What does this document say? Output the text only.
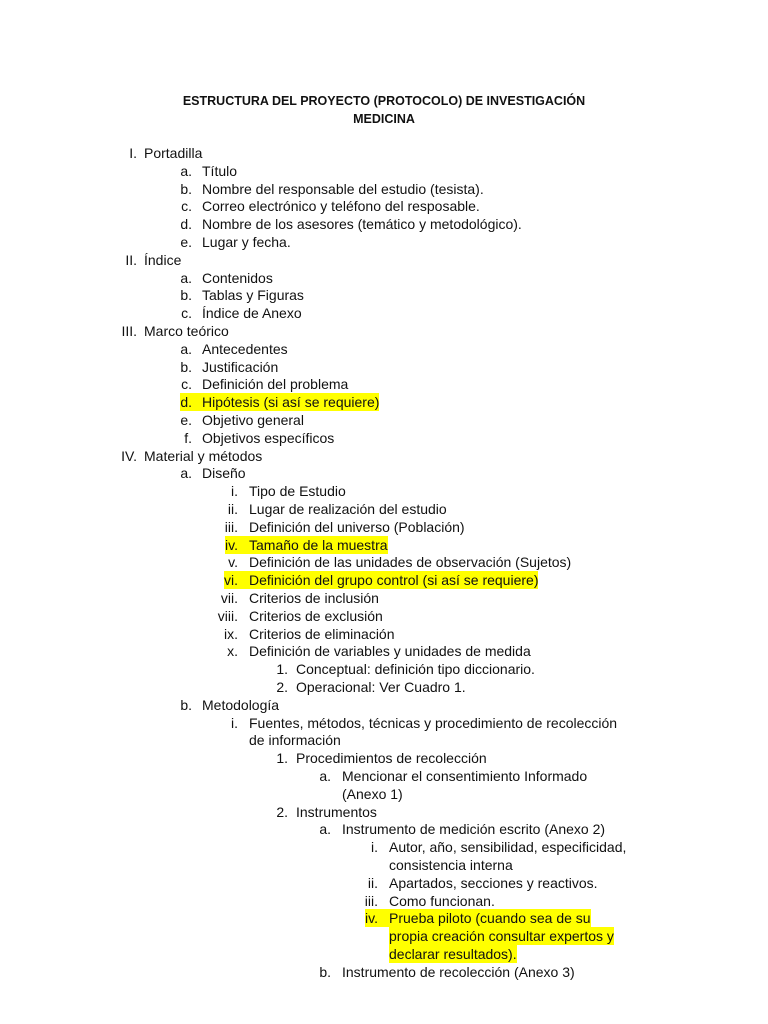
ESTRUCTURA DEL PROYECTO (PROTOCOLO) DE INVESTIGACIÓN
MEDICINA
I. Portadilla
a. Título
b. Nombre del responsable del estudio (tesista).
c. Correo electrónico y teléfono del resposable.
d. Nombre de los asesores (temático y metodológico).
e. Lugar y fecha.
II. Índice
a. Contenidos
b. Tablas y Figuras
c. Índice de Anexo
III. Marco teórico
a. Antecedentes
b. Justificación
c. Definición del problema
d. Hipótesis (si así se requiere)
e. Objetivo general
f. Objetivos específicos
IV. Material y métodos
a. Diseño
i. Tipo de Estudio
ii. Lugar de realización del estudio
iii. Definición del universo (Población)
iv. Tamaño de la muestra
v. Definición de las unidades de observación (Sujetos)
vi. Definición del grupo control (si así se requiere)
vii. Criterios de inclusión
viii. Criterios de exclusión
ix. Criterios de eliminación
x. Definición de variables y unidades de medida
1. Conceptual: definición tipo diccionario.
2. Operacional: Ver Cuadro 1.
b. Metodología
i. Fuentes, métodos, técnicas y procedimiento de recolección
de información
1. Procedimientos de recolección
a. Mencionar el consentimiento Informado
(Anexo 1)
2. Instrumentos
a. Instrumento de medición escrito (Anexo 2)
i. Autor, año, sensibilidad, especificidad,
consistencia interna
ii. Apartados, secciones y reactivos.
iii. Como funcionan.
iv. Prueba piloto (cuando sea de su
propia creación consultar expertos y
declarar resultados).
b. Instrumento de recolección (Anexo 3)
